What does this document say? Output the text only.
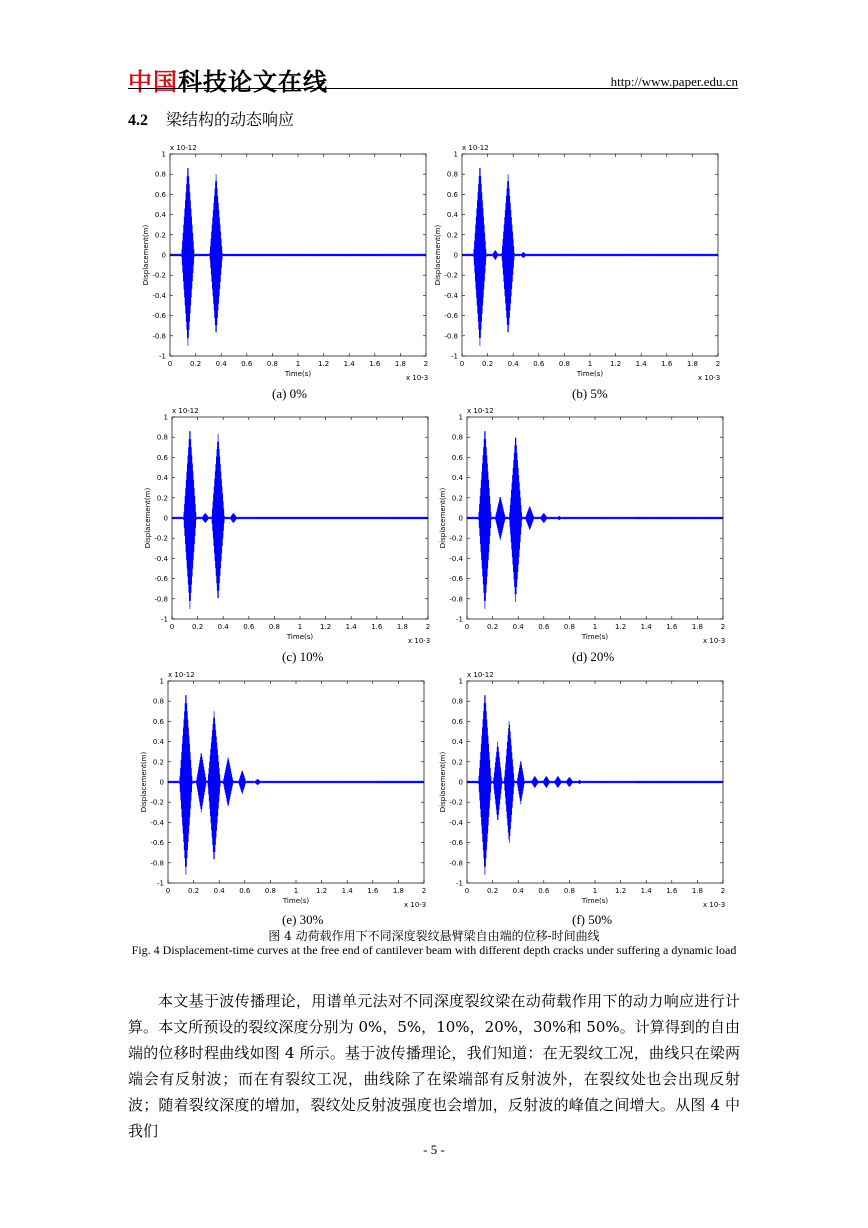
中国科技论文在线	http://www.paper.edu.cn
4.2 梁结构的动态响应
0	0.2 0.4 0.6 0.8	1	1.2 1.4 1.6 1.8	2
1
0.8
0.6
0.4
0.2
0
-0.2
-0.4
-0.6
-0.8
-1
Time(s)
Displacement(m)
x 10-3
x 10-12
(a) 0%
0	0.2 0.4 0.6 0.8	1	1.2 1.4 1.6 1.8	2
1
0.8
0.6
0.4
0.2
0
-0.2
-0.4
-0.6
-0.8
-1
Time(s)
Displacement(m)
x 10-3
x 10-12
(b) 5%
0	0.2 0.4 0.6 0.8	1	1.2 1.4 1.6 1.8	2
1
0.8
0.6
0.4
0.2
0
-0.2
-0.4
-0.6
-0.8
-1
Time(s)
Displacement(m)
x 10-3
x 10-12
(c) 10%
0	0.2 0.4 0.6 0.8	1	1.2 1.4 1.6 1.8	2
1
0.8
0.6
0.4
0.2
0
-0.2
-0.4
-0.6
-0.8
-1
Time(s)
Displacement(m)
x 10-3
x 10-12
(d) 20%
0	0.2 0.4 0.6 0.8	1	1.2 1.4 1.6 1.8	2
1
0.8
0.6
0.4
0.2
0
-0.2
-0.4
-0.6
-0.8
-1
Time(s)
Displacement(m)
x 10-3
x 10-12
(e) 30%
0	0.2 0.4 0.6 0.8	1	1.2 1.4 1.6 1.8	2
1
0.8
0.6
0.4
0.2
0
-0.2
-0.4
-0.6
-0.8
-1
Time(s)
Displacement(m)
x 10-3
x 10-12
(f) 50%
图 4 动荷载作用下不同深度裂纹悬臂梁自由端的位移-时间曲线
Fig. 4 Displacement-time curves at the free end of cantilever beam with different depth cracks under suffering a dynamic load
本文基于波传播理论，用谱单元法对不同深度裂纹梁在动荷载作用下的动力响应进行计算。本文所预设的裂纹深度分别为 0%，5%，10%，20%，30%和 50%。计算得到的自由端的位移时程曲线如图 4 所示。基于波传播理论，我们知道：在无裂纹工况，曲线只在梁两端会有反射波；而在有裂纹工况，曲线除了在梁端部有反射波外，在裂纹处也会出现反射波；随着裂纹深度的增加，裂纹处反射波强度也会增加，反射波的峰值之间增大。从图 4 中我们
- 5 -
